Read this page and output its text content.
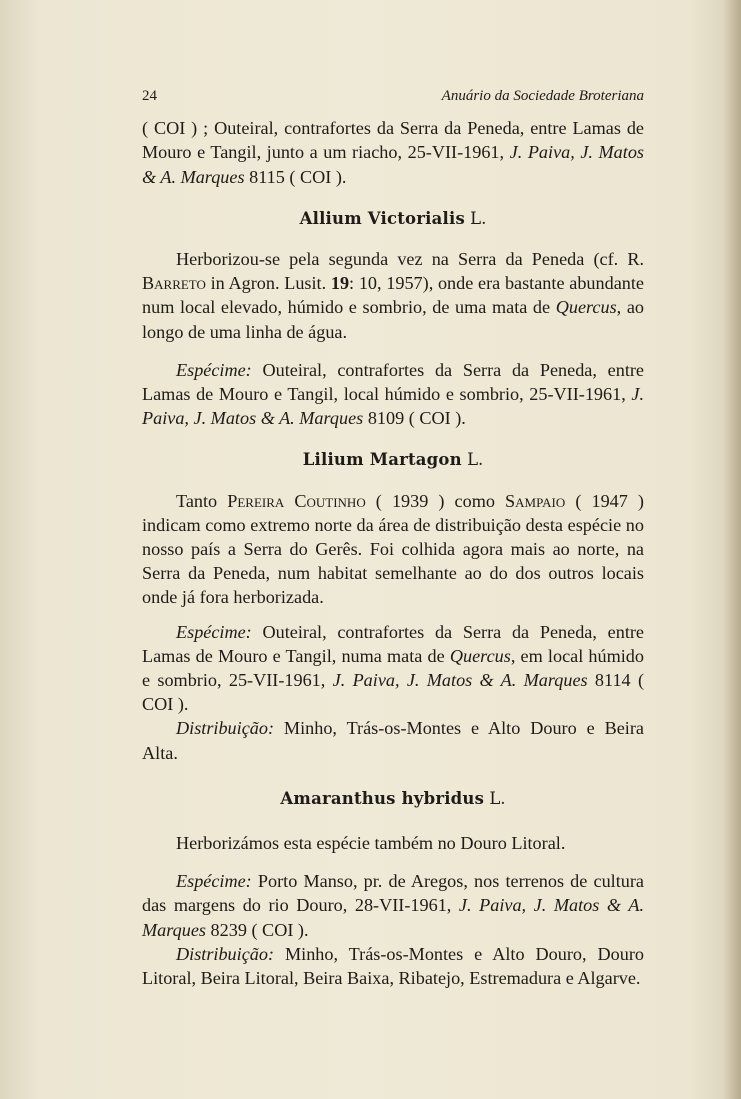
24	Anuário da Sociedade Broteriana

( COI ) ; Outeiral, contrafortes da Serra da Peneda, entre Lamas de Mouro e Tangil, junto a um riacho, 25-VII-1961, J. Paiva, J. Matos & A. Marques 8115 ( COI ).

Allium Victorialis L.

Herborizou-se pela segunda vez na Serra da Peneda (cf. R. Barreto in Agron. Lusit. 19: 10, 1957), onde era bastante abundante num local elevado, húmido e sombrio, de uma mata de Quercus, ao longo de uma linha de água.

Espécime: Outeiral, contrafortes da Serra da Peneda, entre Lamas de Mouro e Tangil, local húmido e sombrio, 25-VII-1961, J. Paiva, J. Matos & A. Marques 8109 ( COI ).

Lilium Martagon L.

Tanto Pereira Coutinho ( 1939 ) como Sampaio ( 1947 ) indicam como extremo norte da área de distribuição desta espécie no nosso país a Serra do Gerês. Foi colhida agora mais ao norte, na Serra da Peneda, num habitat semelhante ao do dos outros locais onde já fora herborizada.

Espécime: Outeiral, contrafortes da Serra da Peneda, entre Lamas de Mouro e Tangil, numa mata de Quercus, em local húmido e sombrio, 25-VII-1961, J. Paiva, J. Matos & A. Marques 8114 ( COI ).

Distribuição: Minho, Trás-os-Montes e Alto Douro e Beira Alta.

Amaranthus hybridus L.

Herborizámos esta espécie também no Douro Litoral.

Espécime: Porto Manso, pr. de Aregos, nos terrenos de cultura das margens do rio Douro, 28-VII-1961, J. Paiva, J. Matos & A. Marques 8239 ( COI ).

Distribuição: Minho, Trás-os-Montes e Alto Douro, Douro Litoral, Beira Litoral, Beira Baixa, Ribatejo, Estremadura e Algarve.
